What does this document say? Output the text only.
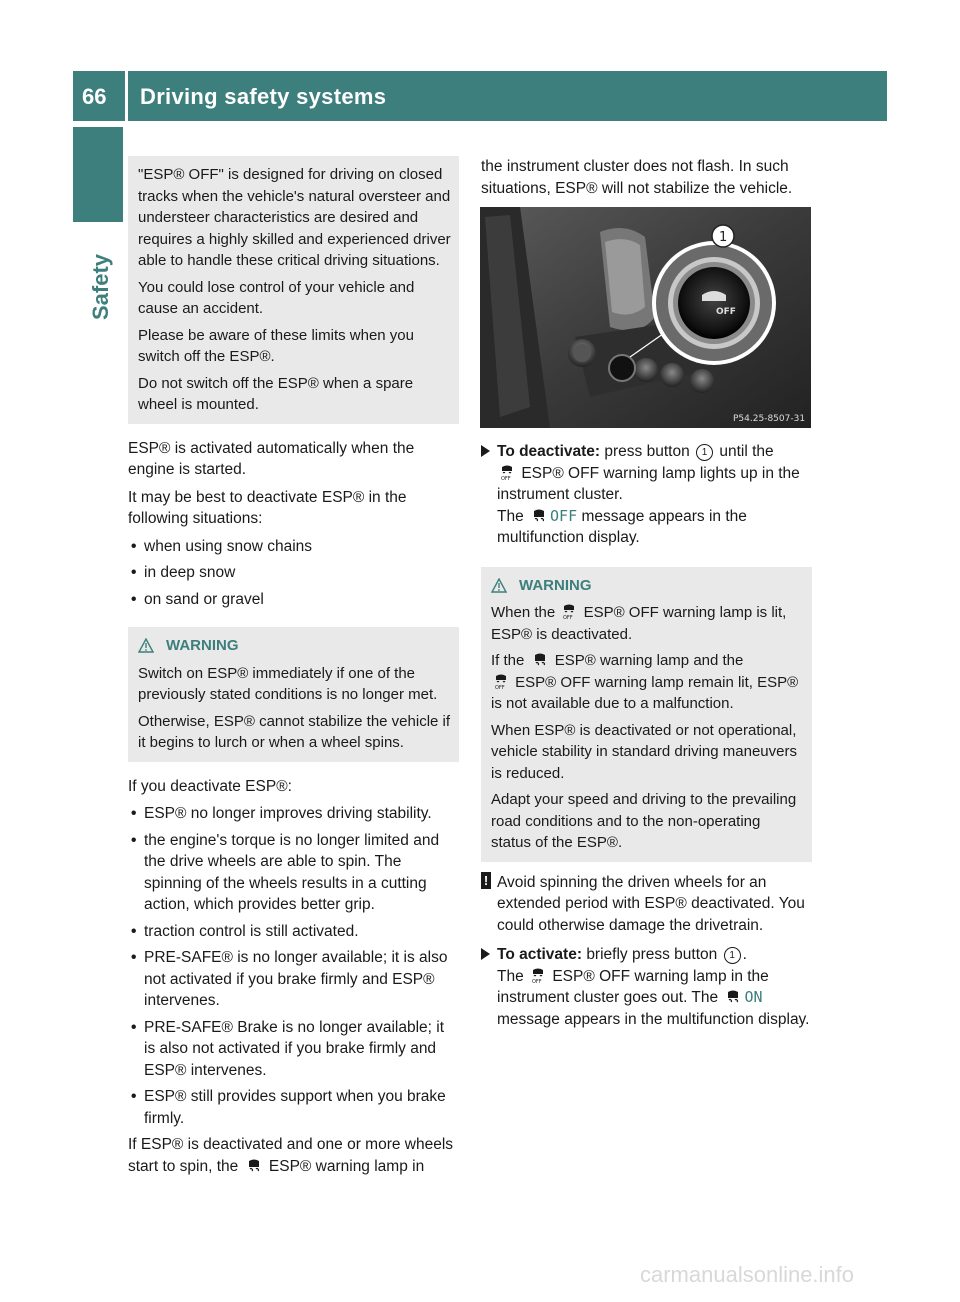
66 Driving safety systems
Safety

"ESP® OFF" is designed for driving on closed tracks when the vehicle's natural oversteer and understeer characteristics are desired and requires a highly skilled and experienced driver able to handle these critical driving situations.

You could lose control of your vehicle and cause an accident.

Please be aware of these limits when you switch off the ESP®.

Do not switch off the ESP® when a spare wheel is mounted.

ESP® is activated automatically when the engine is started.

It may be best to deactivate ESP® in the following situations:

• when using snow chains
• in deep snow
• on sand or gravel
WARNING

Switch on ESP® immediately if one of the previously stated conditions is no longer met.

Otherwise, ESP® cannot stabilize the vehicle if it begins to lurch or when a wheel spins.

If you deactivate ESP®:

• ESP® no longer improves driving stability.
• the engine's torque is no longer limited and the drive wheels are able to spin. The spinning of the wheels results in a cutting action, which provides better grip.
• traction control is still activated.
• PRE-SAFE® is no longer available; it is also not activated if you brake firmly and ESP® intervenes.
• PRE-SAFE® Brake is no longer available; it is also not activated if you brake firmly and ESP® intervenes.
• ESP® still provides support when you brake firmly.

If ESP® is deactivated and one or more wheels start to spin, the ESP® warning lamp in

the instrument cluster does not flash. In such situations, ESP® will not stabilize the vehicle.

OFF
1
P54.25-8507-31
To deactivate: press button 1 until the

OFF ESP® OFF warning lamp lights up in the instrument cluster.
The OFF message appears in the multifunction display.
WARNING

When the OFF ESP® OFF warning lamp is lit, ESP® is deactivated.

If the ESP® warning lamp and the

OFF ESP® OFF warning lamp remain lit, ESP® is not available due to a malfunction.

When ESP® is deactivated or not operational, vehicle stability in standard driving maneuvers is reduced.

Adapt your speed and driving to the prevailing road conditions and to the non-operating status of the ESP®.

! Avoid spinning the driven wheels for an extended period with ESP® deactivated. You could otherwise damage the drivetrain.
To activate: briefly press button 1 .
The OFF ESP® OFF warning lamp in the instrument cluster goes out. The ON message appears in the multifunction display.
carmanualsonline.info
